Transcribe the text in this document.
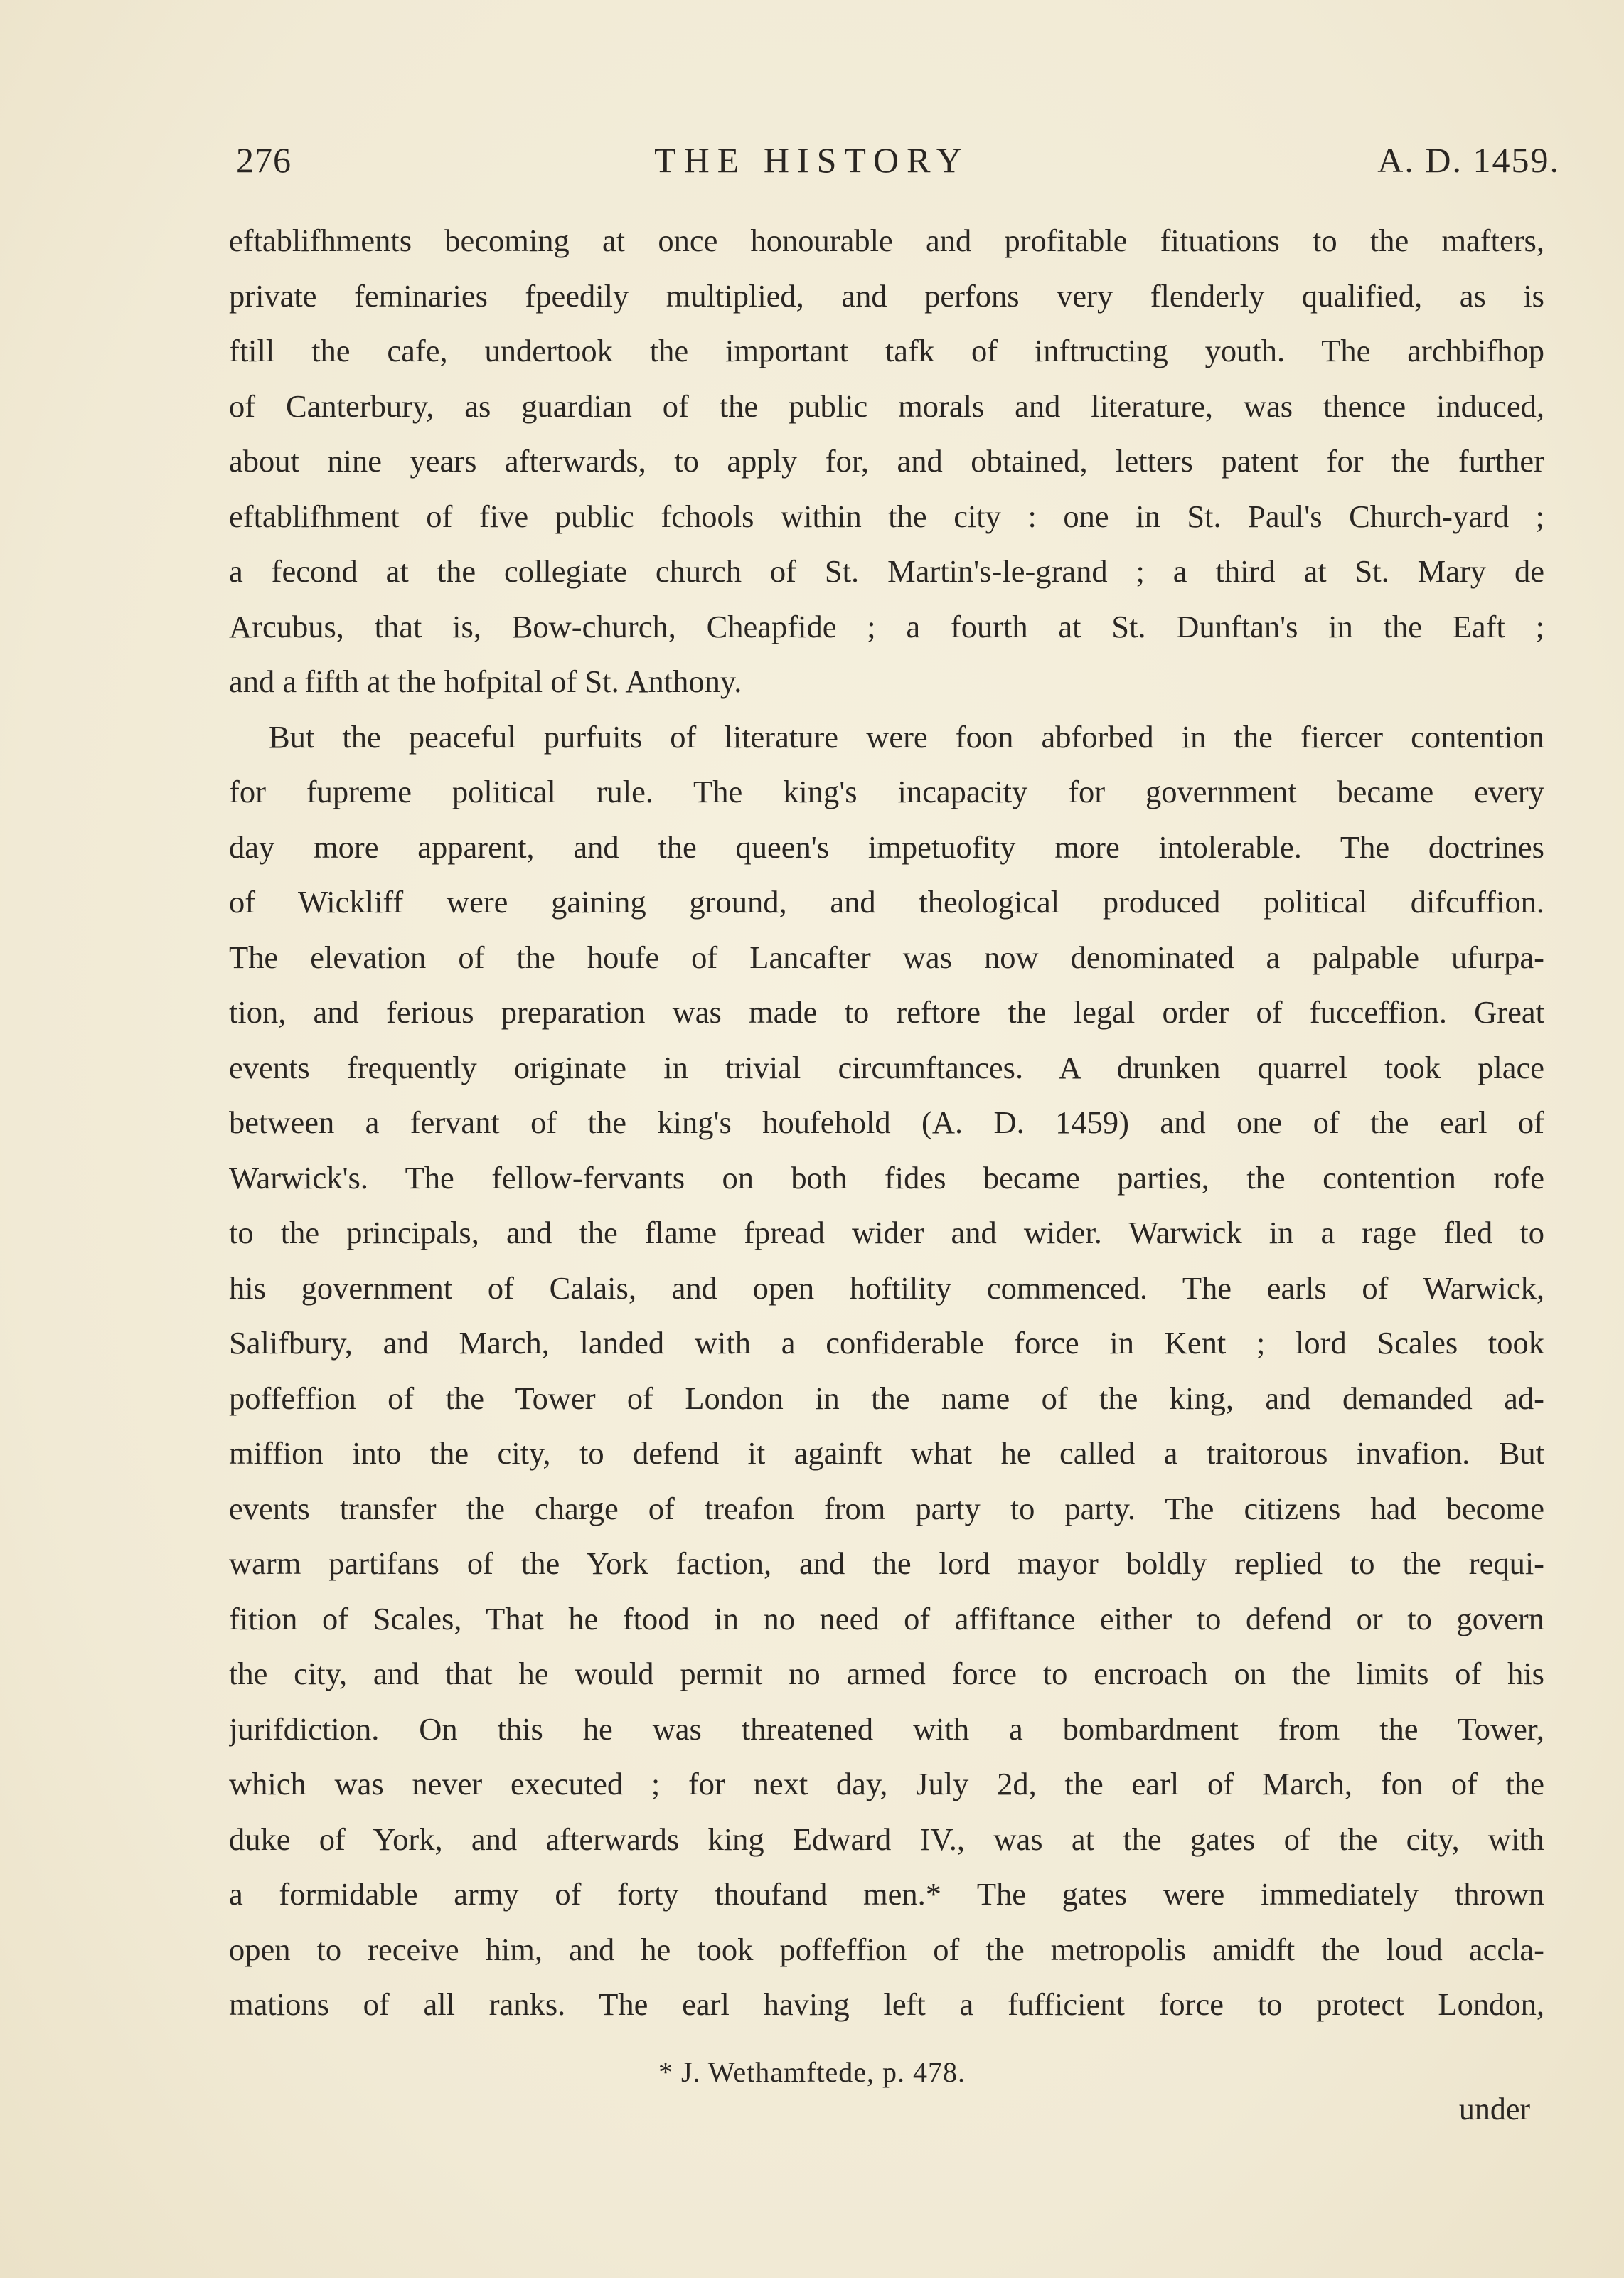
276	THE HISTORY	A. D. 1459.
eftablifhments becoming at once honourable and profitable fituations to the mafters,
private feminaries fpeedily multiplied, and perfons very flenderly qualified, as is
ftill the cafe, undertook the important tafk of inftructing youth. The archbifhop
of Canterbury, as guardian of the public morals and literature, was thence induced,
about nine years afterwards, to apply for, and obtained, letters patent for the further
eftablifhment of five public fchools within the city : one in St. Paul's Church-yard ;
a fecond at the collegiate church of St. Martin's-le-grand ; a third at St. Mary de
Arcubus, that is, Bow-church, Cheapfide ; a fourth at St. Dunftan's in the Eaft ;
and a fifth at the hofpital of St. Anthony.
But the peaceful purfuits of literature were foon abforbed in the fiercer contention
for fupreme political rule. The king's incapacity for government became every
day more apparent, and the queen's impetuofity more intolerable. The doctrines
of Wickliff were gaining ground, and theological produced political difcuffion.
The elevation of the houfe of Lancafter was now denominated a palpable ufurpa-
tion, and ferious preparation was made to reftore the legal order of fucceffion. Great
events frequently originate in trivial circumftances. A drunken quarrel took place
between a fervant of the king's houfehold (A. D. 1459) and one of the earl of
Warwick's. The fellow-fervants on both fides became parties, the contention rofe
to the principals, and the flame fpread wider and wider. Warwick in a rage fled to
his government of Calais, and open hoftility commenced. The earls of Warwick,
Salifbury, and March, landed with a confiderable force in Kent ; lord Scales took
poffeffion of the Tower of London in the name of the king, and demanded ad-
miffion into the city, to defend it againft what he called a traitorous invafion. But
events transfer the charge of treafon from party to party. The citizens had become
warm partifans of the York faction, and the lord mayor boldly replied to the requi-
fition of Scales, That he ftood in no need of affiftance either to defend or to govern
the city, and that he would permit no armed force to encroach on the limits of his
jurifdiction. On this he was threatened with a bombardment from the Tower,
which was never executed ; for next day, July 2d, the earl of March, fon of the
duke of York, and afterwards king Edward IV., was at the gates of the city, with
a formidable army of forty thoufand men.* The gates were immediately thrown
open to receive him, and he took poffeffion of the metropolis amidft the loud accla-
mations of all ranks. The earl having left a fufficient force to protect London,
* J. Wethamftede, p. 478.
under
